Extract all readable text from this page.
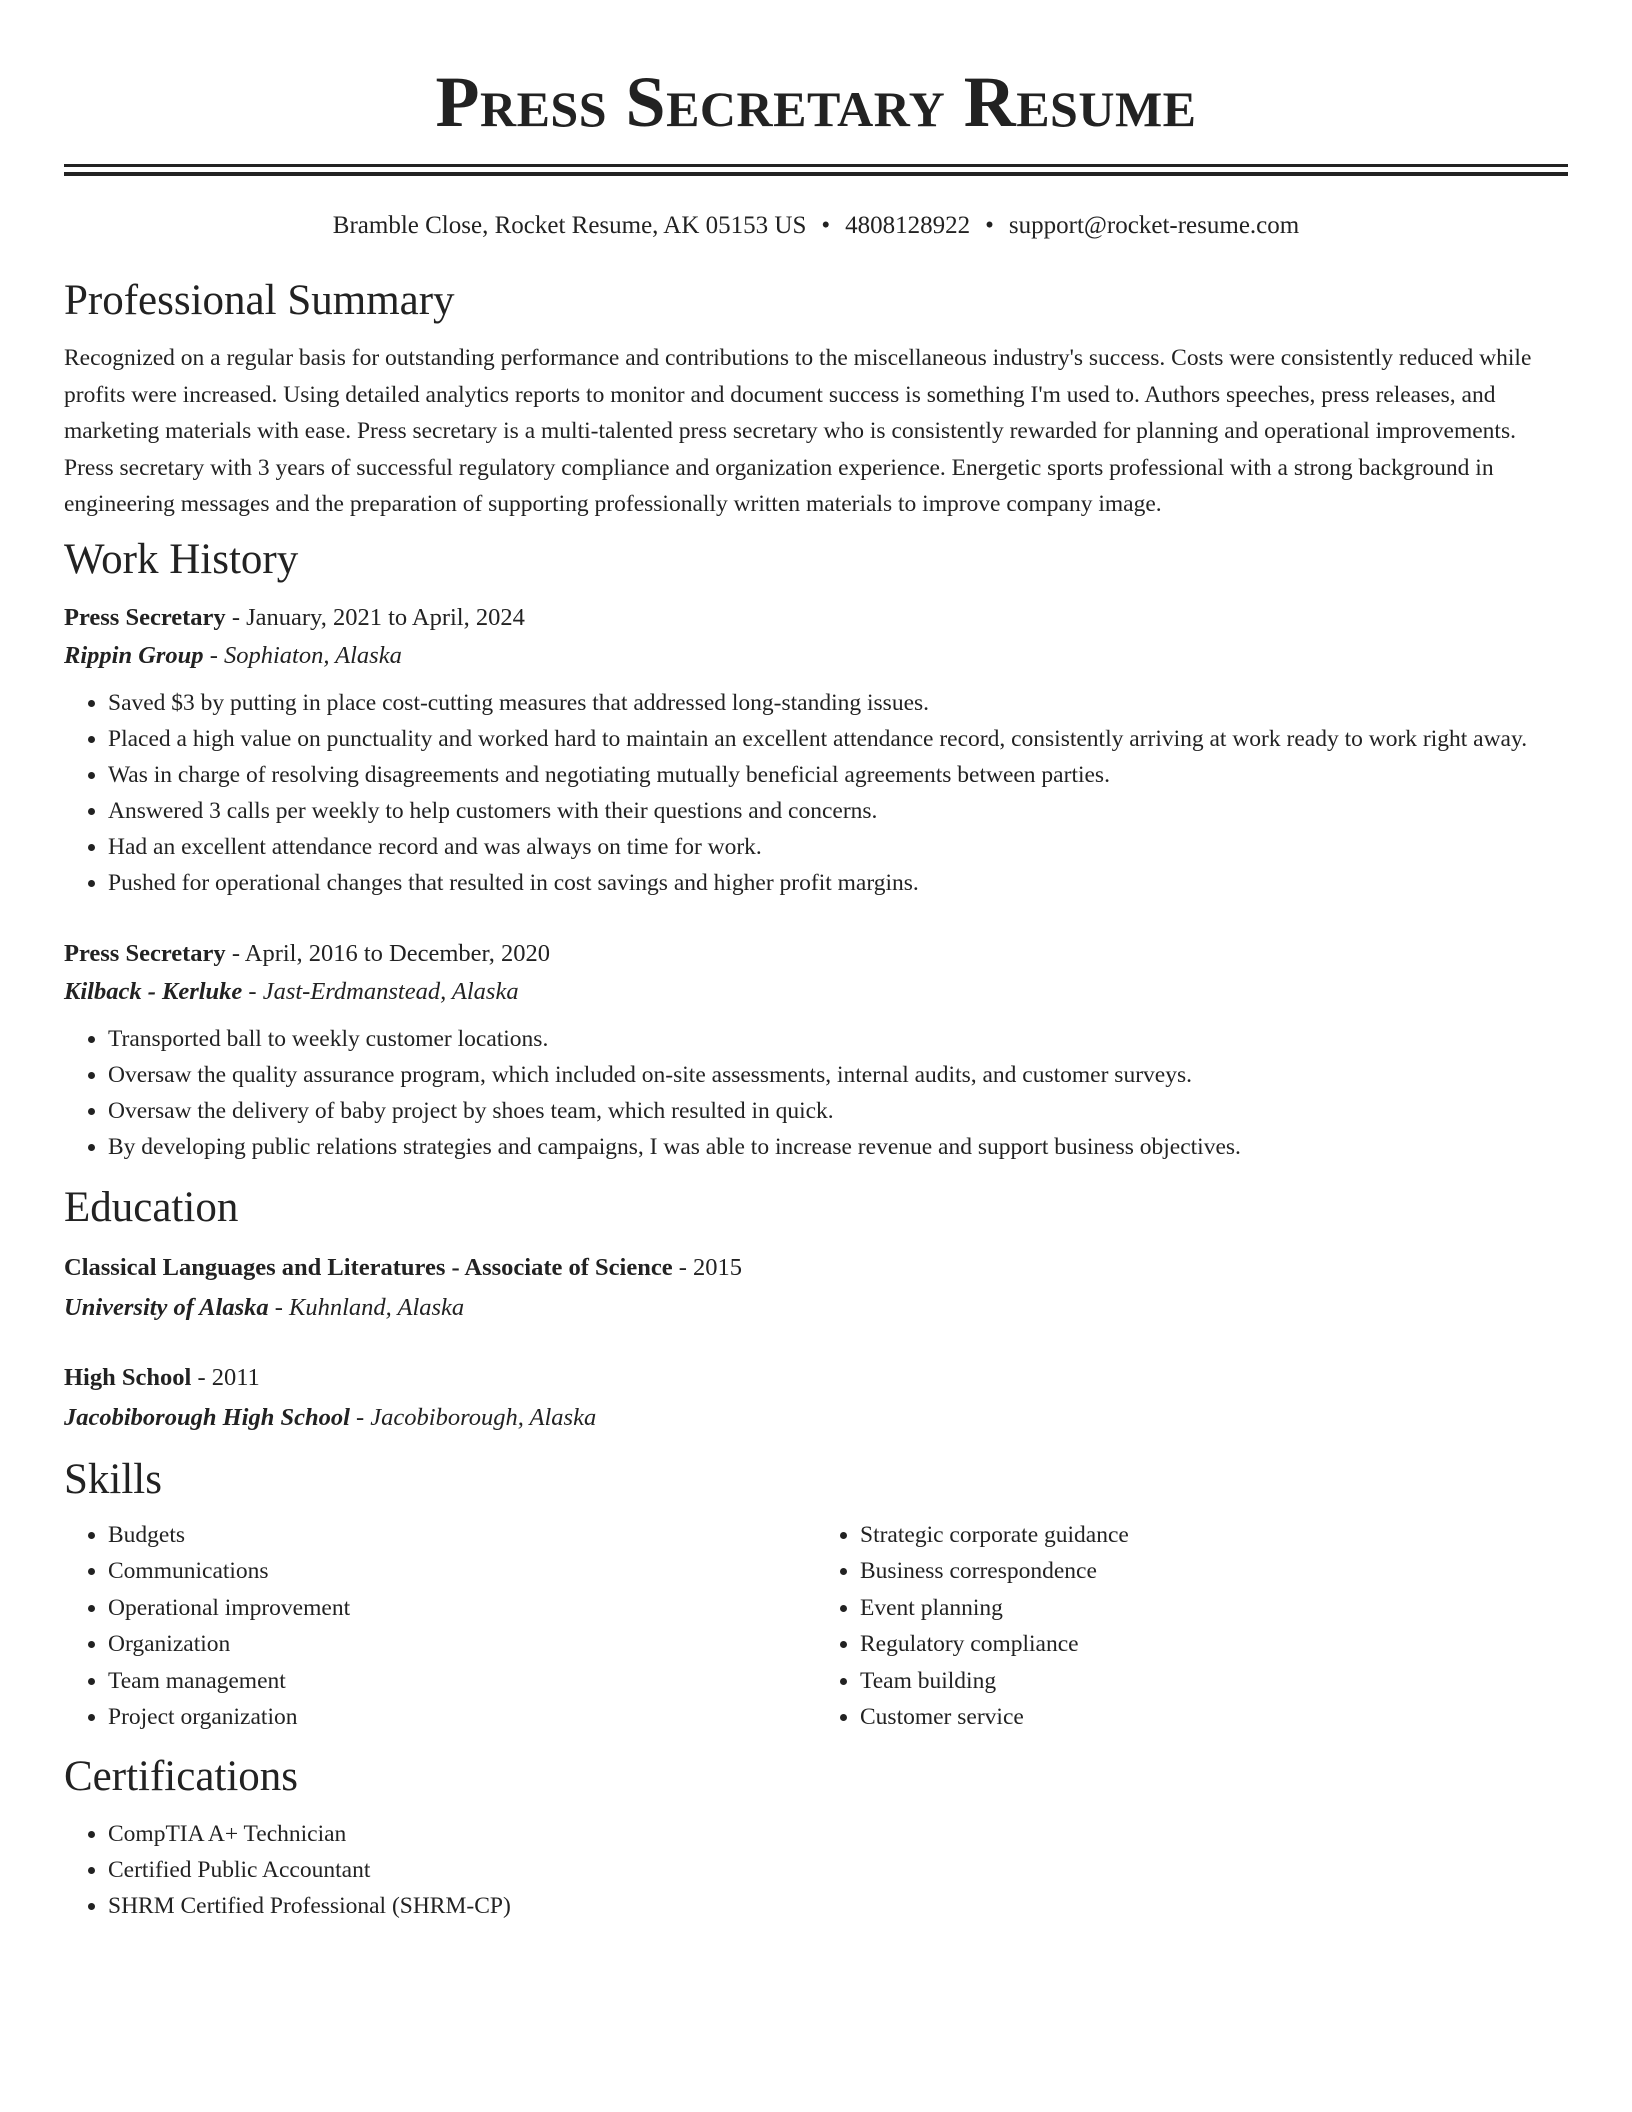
Press Secretary Resume
Bramble Close, Rocket Resume, AK 05153 US • 4808128922 • support@rocket-resume.com
Professional Summary

Recognized on a regular basis for outstanding performance and contributions to the miscellaneous industry's success. Costs were consistently reduced while profits were increased. Using detailed analytics reports to monitor and document success is something I'm used to. Authors speeches, press releases, and marketing materials with ease. Press secretary is a multi-talented press secretary who is consistently rewarded for planning and operational improvements. Press secretary with 3 years of successful regulatory compliance and organization experience. Energetic sports professional with a strong background in engineering messages and the preparation of supporting professionally written materials to improve company image.

Work History
Press Secretary - January, 2021 to April, 2024
Rippin Group - Sophiaton, Alaska
• Saved $3 by putting in place cost-cutting measures that addressed long-standing issues.
• Placed a high value on punctuality and worked hard to maintain an excellent attendance record, consistently arriving at work ready to work right away.
• Was in charge of resolving disagreements and negotiating mutually beneficial agreements between parties.
• Answered 3 calls per weekly to help customers with their questions and concerns.
• Had an excellent attendance record and was always on time for work.
• Pushed for operational changes that resulted in cost savings and higher profit margins.
Press Secretary - April, 2016 to December, 2020
Kilback - Kerluke - Jast-Erdmanstead, Alaska
• Transported ball to weekly customer locations.
• Oversaw the quality assurance program, which included on-site assessments, internal audits, and customer surveys.
• Oversaw the delivery of baby project by shoes team, which resulted in quick.
• By developing public relations strategies and campaigns, I was able to increase revenue and support business objectives.
Education
Classical Languages and Literatures - Associate of Science - 2015
University of Alaska - Kuhnland, Alaska
High School - 2011
Jacobiborough High School - Jacobiborough, Alaska
Skills
• Budgets
• Communications
• Operational improvement
• Organization
• Team management
• Project organization
• Strategic corporate guidance
• Business correspondence
• Event planning
• Regulatory compliance
• Team building
• Customer service
Certifications
• CompTIA A+ Technician
• Certified Public Accountant
• SHRM Certified Professional (SHRM-CP)
